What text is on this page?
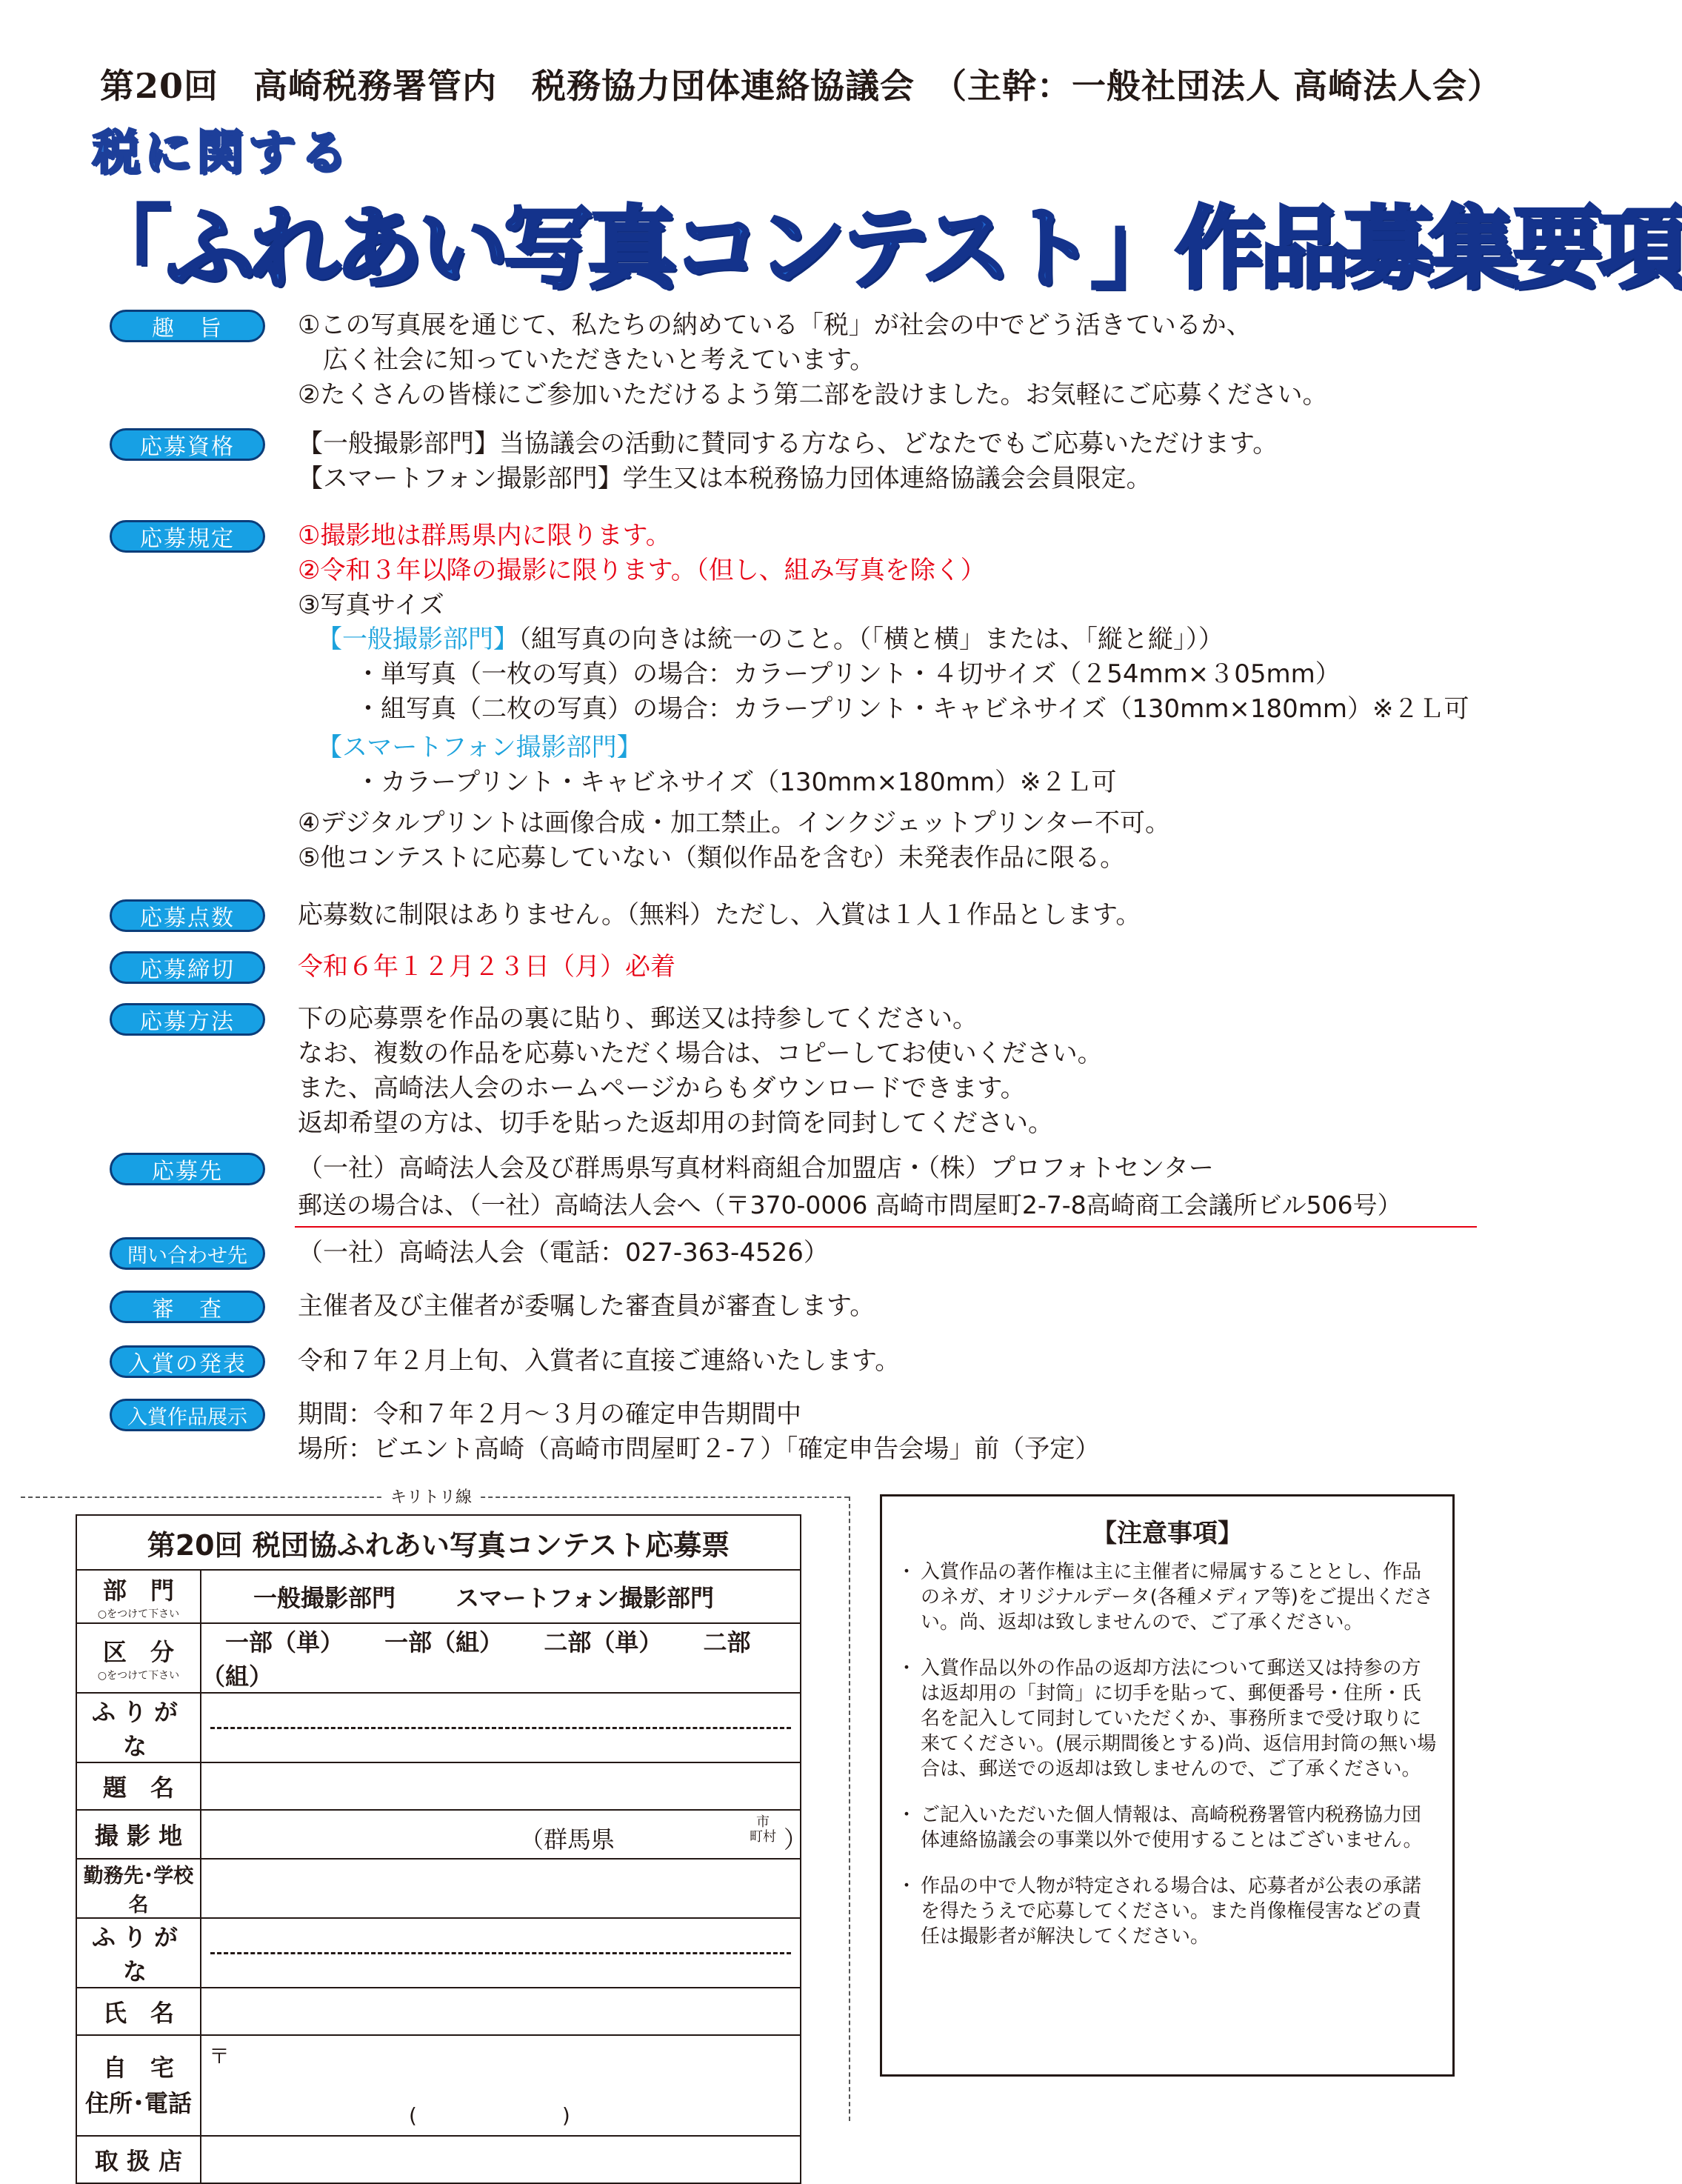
第20回　高崎税務署管内　税務協力団体連絡協議会　（主幹：一般社団法人 高崎法人会）
税に関する
「ふれあい写真コンテスト」作品募集要項
趣　旨	①この写真展を通じて、私たちの納めている「税」が社会の中でどう活きているか、
　広く社会に知っていただきたいと考えています。
②たくさんの皆様にご参加いただけるよう第二部を設けました。お気軽にご応募ください。
応募資格	【一般撮影部門】当協議会の活動に賛同する方なら、どなたでもご応募いただけます。
【スマートフォン撮影部門】学生又は本税務協力団体連絡協議会会員限定。
応募規定	①撮影地は群馬県内に限ります。
②令和３年以降の撮影に限ります。（但し、組み写真を除く）
③写真サイズ
【一般撮影部門】（組写真の向きは統一のこと。（「横と横」または、「縦と縦」））
・単写真（一枚の写真）の場合：カラープリント・４切サイズ（２54mm×３05mm）
・組写真（二枚の写真）の場合：カラープリント・キャビネサイズ（130mm×180mm）※２Ｌ可
【スマートフォン撮影部門】
・カラープリント・キャビネサイズ（130mm×180mm）※２Ｌ可
④デジタルプリントは画像合成・加工禁止。インクジェットプリンター不可。
⑤他コンテストに応募していない（類似作品を含む）未発表作品に限る。
応募点数	応募数に制限はありません。（無料）ただし、入賞は１人１作品とします。
応募締切	令和６年１２月２３日（月）必着
応募方法	下の応募票を作品の裏に貼り、郵送又は持参してください。
なお、複数の作品を応募いただく場合は、コピーしてお使いください。
また、高崎法人会のホームページからもダウンロードできます。
返却希望の方は、切手を貼った返却用の封筒を同封してください。
応募先	（一社）高崎法人会及び群馬県写真材料商組合加盟店・（株）プロフォトセンター
郵送の場合は、（一社）高崎法人会へ（〒370-0006 高崎市問屋町2-7-8高崎商工会議所ビル506号）
問い合わせ先	（一社）高崎法人会（電話：027-363-4526）
審　査	主催者及び主催者が委嘱した審査員が審査します。
入賞の発表	令和７年２月上旬、入賞者に直接ご連絡いたします。
入賞作品展示	期間：令和７年２月～３月の確定申告期間中
場所：ビエント高崎（高崎市問屋町２-７）「確定申告会場」前（予定）
キリトリ線
第20回 税団協ふれあい写真コンテスト応募票	
部　門
○をつけて下さい	一般撮影部門 スマートフォン撮影部門
区　分
○をつけて下さい	一部（単） 一部（組） 二部（単） 二部（組）
ふりがな	

題　名	
撮 影 地	（群馬県
市
町村 ）

勤務先･学校名	
ふりがな	

氏　名	
自　宅
住所･電話	〒
(　　　　　　　)

取 扱 店	
【注意事項】
・ 入賞作品の著作権は主に主催者に帰属することとし、作品のネガ、オリジナルデータ(各種メディア等)をご提出ください。尚、返却は致しませんので、ご了承ください。
・ 入賞作品以外の作品の返却方法について郵送又は持参の方は返却用の「封筒」に切手を貼って、郵便番号・住所・氏名を記入して同封していただくか、事務所まで受け取りに来てください。(展示期間後とする)尚、返信用封筒の無い場合は、郵送での返却は致しませんので、ご了承ください。
・ ご記入いただいた個人情報は、高崎税務署管内税務協力団体連絡協議会の事業以外で使用することはございません。
・ 作品の中で人物が特定される場合は、応募者が公表の承諾を得たうえで応募してください。また肖像権侵害などの責任は撮影者が解決してください。
